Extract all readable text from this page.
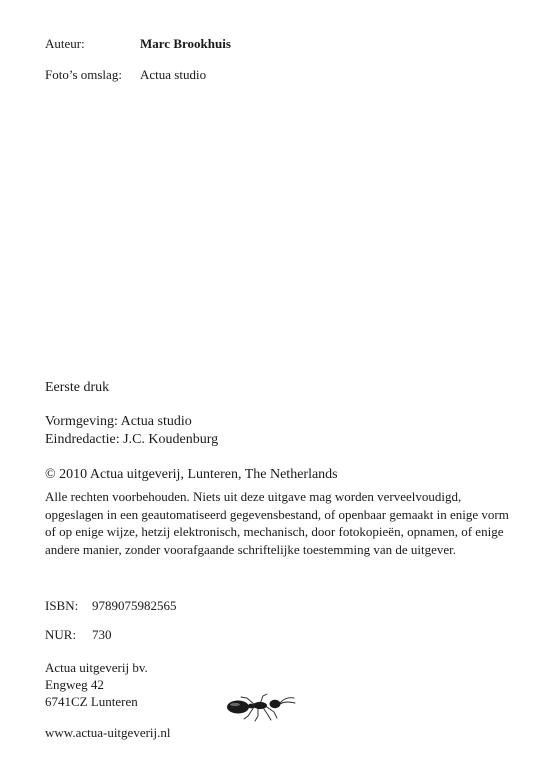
Auteur:	Marc Brookhuis
Foto’s omslag: Actua studio
Eerste druk
Vormgeving: Actua studio
Eindredactie: J.C. Koudenburg
© 2010 Actua uitgeverij, Lunteren, The Netherlands
Alle rechten voorbehouden. Niets uit deze uitgave mag worden verveelvoudigd,
opgeslagen in een geautomatiseerd gegevensbestand, of openbaar gemaakt in enige vorm
of op enige wijze, hetzij elektronisch, mechanisch, door fotokopieën, opnamen, of enige
andere manier, zonder voorafgaande schriftelijke toestemming van de uitgever.
ISBN: 9789075982565
NUR: 730
Actua uitgeverij bv.
Engweg 42
6741CZ Lunteren
www.actua-uitgeverij.nl
